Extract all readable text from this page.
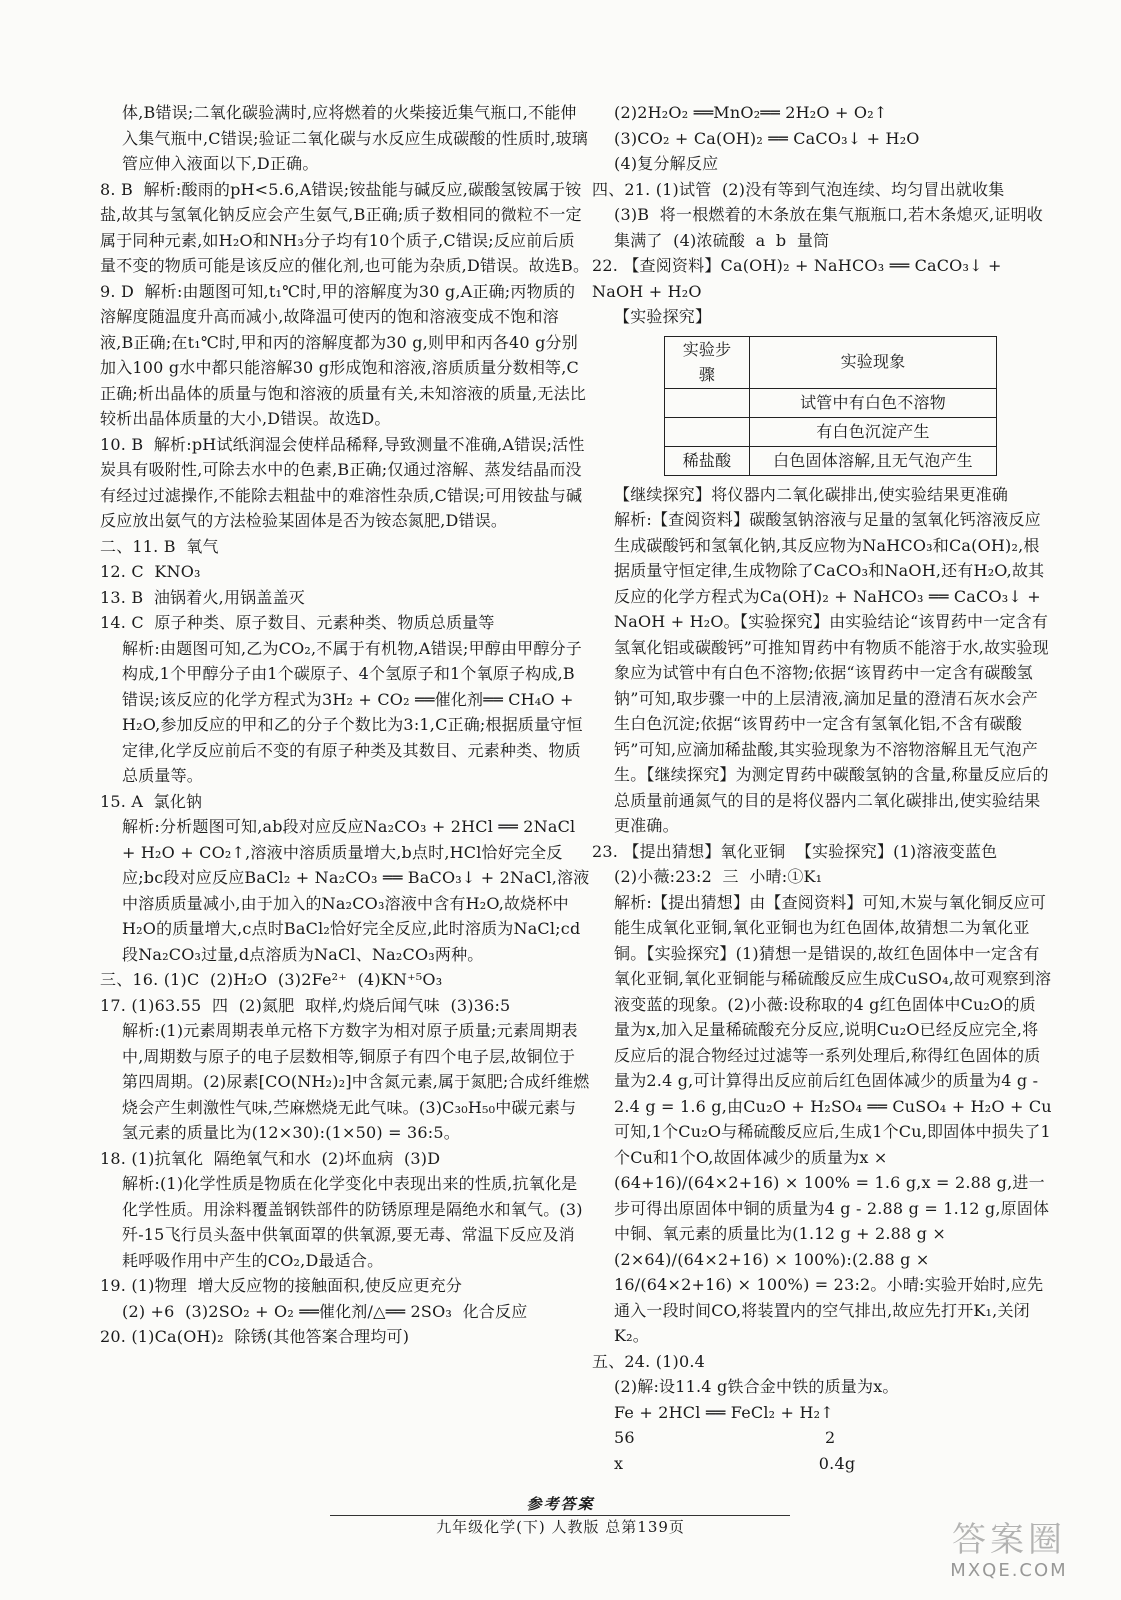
体,B错误;二氧化碳验满时,应将燃着的火柴接近集气瓶口,不能伸入集气瓶中,C错误;验证二氧化碳与水反应生成碳酸的性质时,玻璃管应伸入液面以下,D正确。

8. B  解析:酸雨的pH<5.6,A错误;铵盐能与碱反应,碳酸氢铵属于铵盐,故其与氢氧化钠反应会产生氨气,B正确;质子数相同的微粒不一定属于同种元素,如H₂O和NH₃分子均有10个质子,C错误;反应前后质量不变的物质可能是该反应的催化剂,也可能为杂质,D错误。故选B。

9. D  解析:由题图可知,t₁℃时,甲的溶解度为30 g,A正确;丙物质的溶解度随温度升高而减小,故降温可使丙的饱和溶液变成不饱和溶液,B正确;在t₁℃时,甲和丙的溶解度都为30 g,则甲和丙各40 g分别加入100 g水中都只能溶解30 g形成饱和溶液,溶质质量分数相等,C正确;析出晶体的质量与饱和溶液的质量有关,未知溶液的质量,无法比较析出晶体质量的大小,D错误。故选D。

10. B  解析:pH试纸润湿会使样品稀释,导致测量不准确,A错误;活性炭具有吸附性,可除去水中的色素,B正确;仅通过溶解、蒸发结晶而没有经过过滤操作,不能除去粗盐中的难溶性杂质,C错误;可用铵盐与碱反应放出氨气的方法检验某固体是否为铵态氮肥,D错误。

二、11. B  氧气

12. C  KNO₃

13. B  油锅着火,用锅盖盖灭

14. C  原子种类、原子数目、元素种类、物质总质量等

解析:由题图可知,乙为CO₂,不属于有机物,A错误;甲醇由甲醇分子构成,1个甲醇分子由1个碳原子、4个氢原子和1个氧原子构成,B错误;该反应的化学方程式为3H₂ + CO₂ ══催化剂══ CH₄O + H₂O,参加反应的甲和乙的分子个数比为3:1,C正确;根据质量守恒定律,化学反应前后不变的有原子种类及其数目、元素种类、物质总质量等。

15. A  氯化钠

解析:分析题图可知,ab段对应反应Na₂CO₃ + 2HCl ══ 2NaCl + H₂O + CO₂↑,溶液中溶质质量增大,b点时,HCl恰好完全反应;bc段对应反应BaCl₂ + Na₂CO₃ ══ BaCO₃↓ + 2NaCl,溶液中溶质质量减小,由于加入的Na₂CO₃溶液中含有H₂O,故烧杯中H₂O的质量增大,c点时BaCl₂恰好完全反应,此时溶质为NaCl;cd段Na₂CO₃过量,d点溶质为NaCl、Na₂CO₃两种。

三、16. (1)C  (2)H₂O  (3)2Fe²⁺  (4)KN⁺⁵O₃

17. (1)63.55  四  (2)氮肥  取样,灼烧后闻气味  (3)36:5

解析:(1)元素周期表单元格下方数字为相对原子质量;元素周期表中,周期数与原子的电子层数相等,铜原子有四个电子层,故铜位于第四周期。(2)尿素[CO(NH₂)₂]中含氮元素,属于氮肥;合成纤维燃烧会产生刺激性气味,苎麻燃烧无此气味。(3)C₃₀H₅₀中碳元素与氢元素的质量比为(12×30):(1×50) = 36:5。

18. (1)抗氧化  隔绝氧气和水  (2)坏血病  (3)D

解析:(1)化学性质是物质在化学变化中表现出来的性质,抗氧化是化学性质。用涂料覆盖钢铁部件的防锈原理是隔绝水和氧气。(3)歼-15飞行员头盔中供氧面罩的供氧源,要无毒、常温下反应及消耗呼吸作用中产生的CO₂,D最适合。

19. (1)物理  增大反应物的接触面积,使反应更充分

(2) +6  (3)2SO₂ + O₂ ══催化剂/△══ 2SO₃  化合反应

20. (1)Ca(OH)₂  除锈(其他答案合理均可)

(2)2H₂O₂ ══MnO₂══ 2H₂O + O₂↑

(3)CO₂ + Ca(OH)₂ ══ CaCO₃↓ + H₂O

(4)复分解反应

四、21. (1)试管  (2)没有等到气泡连续、均匀冒出就收集

(3)B  将一根燃着的木条放在集气瓶瓶口,若木条熄灭,证明收集满了  (4)浓硫酸  a  b  量筒

22. 【查阅资料】Ca(OH)₂ + NaHCO₃ ══ CaCO₃↓ + NaOH + H₂O

【实验探究】

实验步骤	实验现象
	试管中有白色不溶物
	有白色沉淀产生
稀盐酸	白色固体溶解,且无气泡产生

【继续探究】将仪器内二氧化碳排出,使实验结果更准确

解析:【查阅资料】碳酸氢钠溶液与足量的氢氧化钙溶液反应生成碳酸钙和氢氧化钠,其反应物为NaHCO₃和Ca(OH)₂,根据质量守恒定律,生成物除了CaCO₃和NaOH,还有H₂O,故其反应的化学方程式为Ca(OH)₂ + NaHCO₃ ══ CaCO₃↓ + NaOH + H₂O。【实验探究】由实验结论“该胃药中一定含有氢氧化铝或碳酸钙”可推知胃药中有物质不能溶于水,故实验现象应为试管中有白色不溶物;依据“该胃药中一定含有碳酸氢钠”可知,取步骤一中的上层清液,滴加足量的澄清石灰水会产生白色沉淀;依据“该胃药中一定含有氢氧化铝,不含有碳酸钙”可知,应滴加稀盐酸,其实验现象为不溶物溶解且无气泡产生。【继续探究】为测定胃药中碳酸氢钠的含量,称量反应后的总质量前通氮气的目的是将仪器内二氧化碳排出,使实验结果更准确。

23. 【提出猜想】氧化亚铜  【实验探究】(1)溶液变蓝色

(2)小薇:23:2  三  小晴:①K₁

解析:【提出猜想】由【查阅资料】可知,木炭与氧化铜反应可能生成氧化亚铜,氧化亚铜也为红色固体,故猜想二为氧化亚铜。【实验探究】(1)猜想一是错误的,故红色固体中一定含有氧化亚铜,氧化亚铜能与稀硫酸反应生成CuSO₄,故可观察到溶液变蓝的现象。(2)小薇:设称取的4 g红色固体中Cu₂O的质量为x,加入足量稀硫酸充分反应,说明Cu₂O已经反应完全,将反应后的混合物经过过滤等一系列处理后,称得红色固体的质量为2.4 g,可计算得出反应前后红色固体减少的质量为4 g - 2.4 g = 1.6 g,由Cu₂O + H₂SO₄ ══ CuSO₄ + H₂O + Cu可知,1个Cu₂O与稀硫酸反应后,生成1个Cu,即固体中损失了1个Cu和1个O,故固体减少的质量为x × (64+16)/(64×2+16) × 100% = 1.6 g,x = 2.88 g,进一步可得出原固体中铜的质量为4 g - 2.88 g = 1.12 g,原固体中铜、氧元素的质量比为(1.12 g + 2.88 g × (2×64)/(64×2+16) × 100%):(2.88 g × 16/(64×2+16) × 100%) = 23:2。小晴:实验开始时,应先通入一段时间CO,将装置内的空气排出,故应先打开K₁,关闭K₂。

五、24. (1)0.4

(2)解:设11.4 g铁合金中铁的质量为x。

Fe + 2HCl ══ FeCl₂ + H₂↑

56                                    2

x                                     0.4g

参考答案
九年级化学(下) 人教版 总第139页	答案圈
MXQE.COM
